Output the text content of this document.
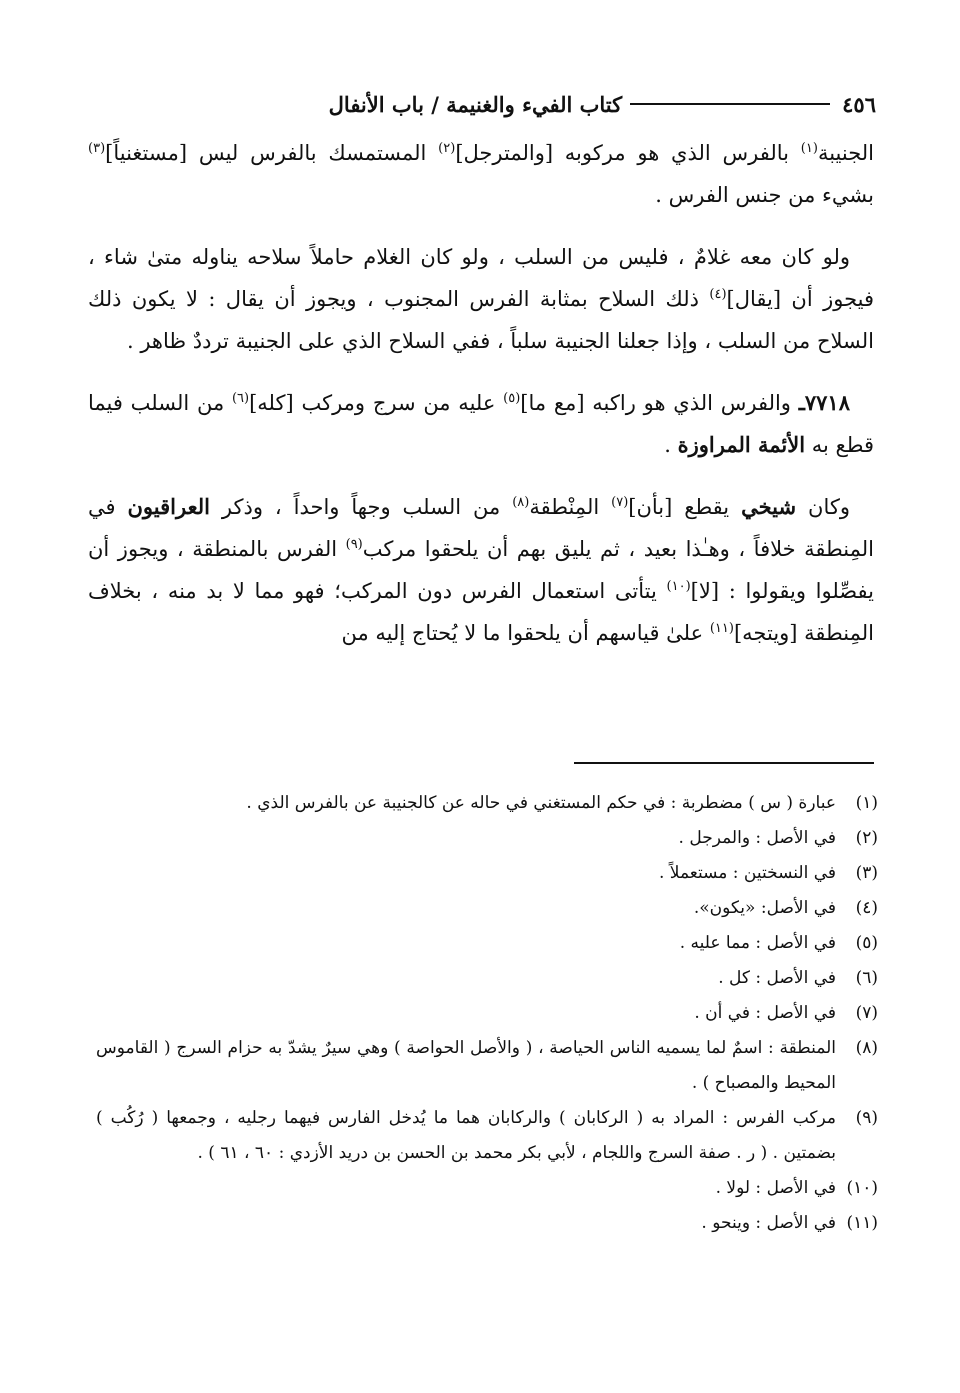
٤٥٦
كتاب الفيء والغنيمة / باب الأنفال

الجنيبة$^{(١)}$ بالفرس الذي هو مركوبه [والمترجل]$^{(٢)}$ المستمسك بالفرس ليس [مستغنياً]$^{(٣)}$ بشيء من جنس الفرس .

ولو كان معه غلامٌ ، فليس من السلب ، ولو كان الغلام حاملاً سلاحه يناوله متىٰ شاء ، فيجوز أن [يقال]$^{(٤)}$ ذلك السلاح بمثابة الفرس المجنوب ، ويجوز أن يقال : لا يكون ذلك السلاح من السلب ، وإذا جعلنا الجنيبة سلباً ، ففي السلاح الذي على الجنيبة ترددٌ ظاهر .

٧٧١٨ـ والفرس الذي هو راكبه [مع ما]$^{(٥)}$ عليه من سرج ومركب [كله]$^{(٦)}$ من السلب فيما قطع به الأئمة المراوزة .

وكان شيخي يقطع [بأن]$^{(٧)}$ المِنْطقة$^{(٨)}$ من السلب وجهاً واحداً ، وذكر العراقيون في المِنطقة خلافاً ، وهـٰذا بعيد ، ثم يليق بهم أن يلحقوا مركب$^{(٩)}$ الفرس بالمنطقة ، ويجوز أن يفصِّلوا ويقولوا : [لا]$^{(١٠)}$ يتأتى استعمال الفرس دون المركب؛ فهو مما لا بد منه ، بخلاف المِنطقة [ويتجه]$^{(١١)}$ علىٰ قياسهم أن يلحقوا ما لا يُحتاج إليه من

(١)
عبارة ( س ) مضطربة : في حكم المستغني في حاله عن كالجنيبة عن بالفرس الذي .
(٢)
في الأصل : والمرجل .
(٣)
في النسختين : مستعملاً .
(٤)
في الأصل: «يكون».
(٥)
في الأصل : مما عليه .
(٦)
في الأصل : كل .
(٧)
في الأصل : في أن .
(٨)
المنطقة : اسمٌ لما يسميه الناس الحياصة ، ( والأصل الحواصة ) وهي سيرٌ يشدّ به حزام السرج ( القاموس المحيط والمصباح ) .
(٩)
مركب الفرس : المراد به ( الركابان ) والركابان هما ما يُدخل الفارس فيهما رجليه ، وجمعها ( رُكُب ) بضمتين . ( ر . صفة السرج واللجام ، لأبي بكر محمد بن الحسن بن دريد الأزدي : ٦٠ ، ٦١ ) .
(١٠)
في الأصل : لولا .
(١١)
في الأصل : وينحو .
